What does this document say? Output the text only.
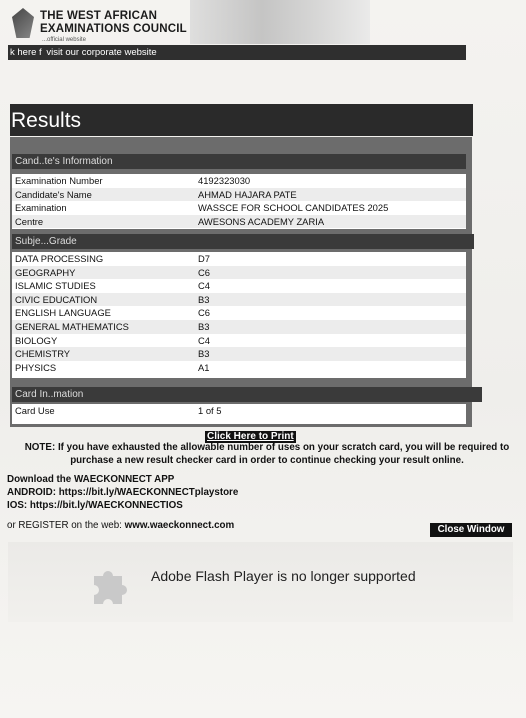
THE WEST AFRICAN
EXAMINATIONS COUNCIL
...official website
k here f visit our corporate website
Results
Cand..te's Information
Examination Number	4192323030
Candidate's Name	AHMAD HAJARA PATE
Examination	WASSCE FOR SCHOOL CANDIDATES 2025
Centre	AWESONS ACADEMY ZARIA
Subje...Grade
DATA PROCESSING	D7
GEOGRAPHY	C6
ISLAMIC STUDIES	C4
CIVIC EDUCATION	B3
ENGLISH LANGUAGE	C6
GENERAL MATHEMATICS	B3
BIOLOGY	C4
CHEMISTRY	B3
PHYSICS	A1
Card In..mation
Card Use	1 of 5
Click Here to Print
NOTE: If you have exhausted the allowable number of uses on your scratch card, you will be required to purchase a new result checker card in order to continue checking your result online.
Download the WAECKONNECT APP
ANDROID: https://bit.ly/WAECKONNECTplaystore
IOS: https://bit.ly/WAECKONNECTIOS
or REGISTER on the web: www.waeckonnect.com	Close Window
Adobe Flash Player is no longer supported
